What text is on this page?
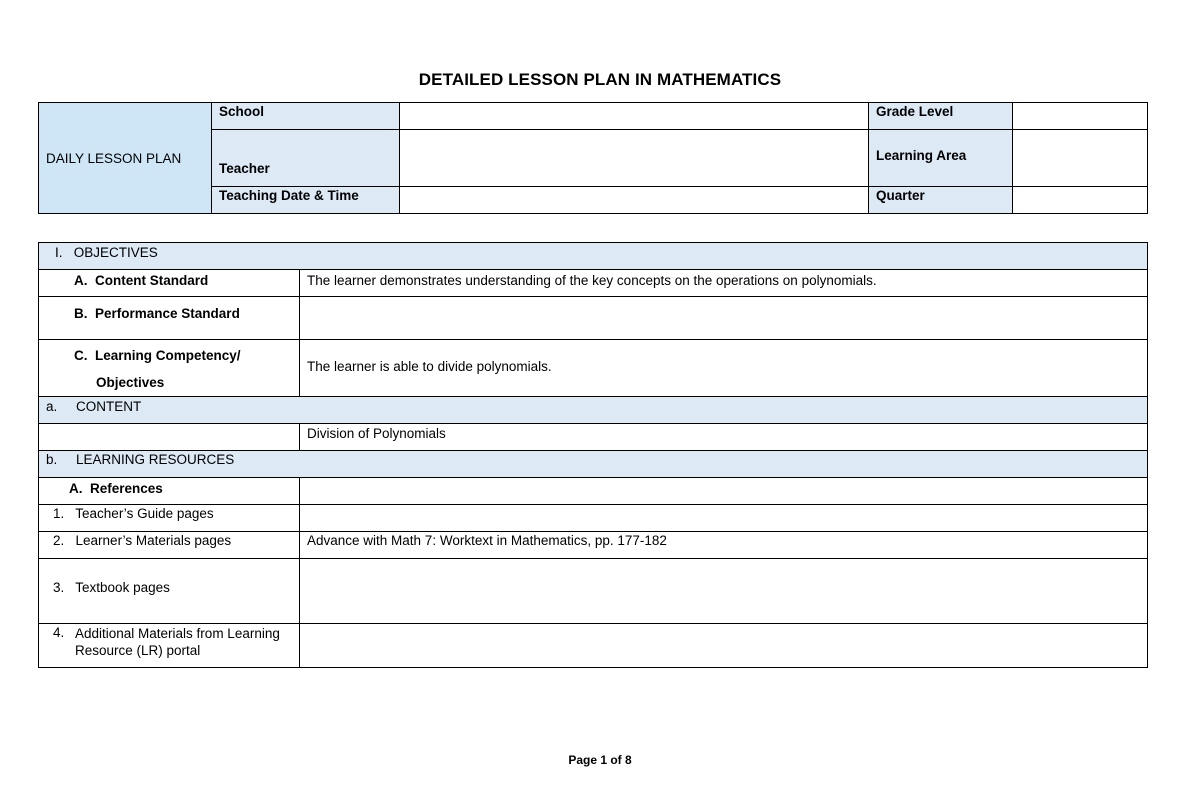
DETAILED LESSON PLAN IN MATHEMATICS
DAILY LESSON PLAN	School		Grade Level	
	Teacher		Learning Area	
	Teaching Date & Time		Quarter	
I. OBJECTIVES	
A. Content Standard	The learner demonstrates understanding of the key concepts on the operations on polynomials.
B. Performance Standard	
C. Learning Competency/
Objectives	The learner is able to divide polynomials.
a. CONTENT	
	Division of Polynomials
b. LEARNING RESOURCES	
A. References	
1. Teacher’s Guide pages	
2. Learner’s Materials pages	Advance with Math 7: Worktext in Mathematics, pp. 177-182
3. Textbook pages	

4. Additional Materials from Learning Resource (LR) portal	

Page 1 of 8
